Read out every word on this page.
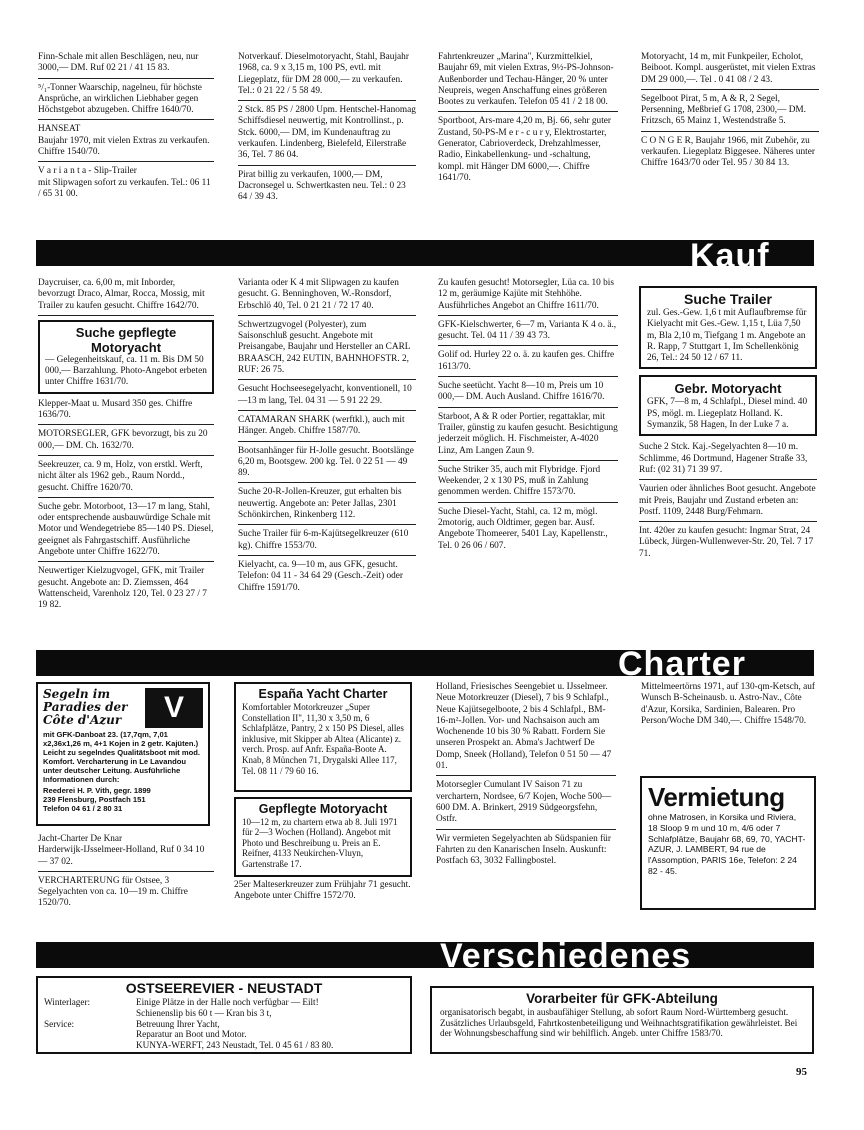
Finn-Schale mit allen Beschlägen, neu, nur 3000,— DM. Ruf 02 21 / 41 15 83.

⁵/₁-Tonner Waarschip, nagelneu, für höchste Ansprüche, an wirklichen Liebhaber gegen Höchstgebot abzugeben. Chiffre 1640/70.

HANSEAT
Baujahr 1970, mit vielen Extras zu verkaufen. Chiffre 1540/70.

V a r i a n t a - Slip-Trailer
mit Slipwagen sofort zu verkaufen. Tel.: 06 11 / 65 31 00.

Notverkauf. Dieselmotoryacht, Stahl, Baujahr 1968, ca. 9 x 3,15 m, 100 PS, evtl. mit Liegeplatz, für DM 28 000,— zu verkaufen. Tel.: 0 21 22 / 5 58 49.

2 Stck. 85 PS / 2800 Upm. Hentschel-Hanomag Schiffsdiesel neuwertig, mit Kontrollinst., p. Stck. 6000,— DM, im Kundenauftrag zu verkaufen. Lindenberg, Bielefeld, Eilerstraße 36, Tel. 7 86 04.

Pirat billig zu verkaufen, 1000,— DM, Dacronsegel u. Schwertkasten neu. Tel.: 0 23 64 / 39 43.

Fahrtenkreuzer „Marina", Kurzmittelkiel, Baujahr 69, mit vielen Extras, 9½-PS-Johnson-Außenborder und Techau-Hänger, 20 % unter Neupreis, wegen Anschaffung eines größeren Bootes zu verkaufen. Telefon 05 41 / 2 18 00.

Sportboot, Ars-mare 4,20 m, Bj. 66, sehr guter Zustand, 50-PS-M e r - c u r y, Elektrostarter, Generator, Cabrioverdeck, Drehzahlmesser, Radio, Einkabellenkung- und -schaltung, kompl. mit Hänger DM 6000,—. Chiffre 1641/70.

Motoryacht, 14 m, mit Funkpeiler, Echolot, Beiboot. Kompl. ausgerüstet, mit vielen Extras DM 29 000,—. Tel . 0 41 08 / 2 43.

Segelboot Pirat, 5 m, A & R, 2 Segel, Persenning, Meßbrief G 1708, 2300,— DM. Fritzsch, 65 Mainz 1, Westendstraße 5.

C O N G E R, Baujahr 1966, mit Zubehör, zu verkaufen. Liegeplatz Biggesee. Näheres unter Chiffre 1643/70 oder Tel. 95 / 30 84 13.

Kauf

Daycruiser, ca. 6,00 m, mit Inborder, bevorzugt Draco, Almar, Rocca, Mossig, mit Trailer zu kaufen gesucht. Chiffre 1642/70.

Suche gepflegte Motoryacht

— Gelegenheitskauf, ca. 11 m. Bis DM 50 000,— Barzahlung. Photo-Angebot erbeten unter Chiffre 1631/70.

Klepper-Maat u. Musard 350 ges. Chiffre 1636/70.

MOTORSEGLER, GFK bevorzugt, bis zu 20 000,— DM. Ch. 1632/70.

Seekreuzer, ca. 9 m, Holz, von erstkl. Werft, nicht älter als 1962 geb., Raum Nordd., gesucht. Chiffre 1620/70.

Suche gebr. Motorboot, 13—17 m lang, Stahl, oder entsprechende ausbauwürdige Schale mit Motor und Wendegetriebe 85—140 PS. Diesel, geeignet als Fahrgastschiff. Ausführliche Angebote unter Chiffre 1622/70.

Neuwertiger Kielzugvogel, GFK, mit Trailer gesucht. Angebote an: D. Ziemssen, 464 Wattenscheid, Varenholz 120, Tel. 0 23 27 / 7 19 82.

Varianta oder K 4 mit Slipwagen zu kaufen gesucht. G. Benninghoven, W.-Ronsdorf, Erbschlö 40, Tel. 0 21 21 / 72 17 40.

Schwertzugvogel (Polyester), zum Saisonschluß gesucht. Angebote mit Preisangabe, Baujahr und Hersteller an CARL BRAASCH, 242 EUTIN, BAHNHOFSTR. 2, RUF: 26 75.

Gesucht Hochseesegelyacht, konventionell, 10—13 m lang, Tel. 04 31 — 5 91 22 29.

CATAMARAN SHARK (werftkl.), auch mit Hänger. Angeb. Chiffre 1587/70.

Bootsanhänger für H-Jolle gesucht. Bootslänge 6,20 m, Bootsgew. 200 kg. Tel. 0 22 51 — 49 89.

Suche 20-R-Jollen-Kreuzer, gut erhalten bis neuwertig. Angebote an: Peter Jallas, 2301 Schönkirchen, Rinkenberg 112.

Suche Trailer für 6-m-Kajütsegelkreuzer (610 kg). Chiffre 1553/70.

Kielyacht, ca. 9—10 m, aus GFK, gesucht. Telefon: 04 11 - 34 64 29 (Gesch.-Zeit) oder Chiffre 1591/70.

Zu kaufen gesucht! Motorsegler, Lüa ca. 10 bis 12 m, geräumige Kajüte mit Stehhöhe. Ausführliches Angebot an Chiffre 1611/70.

GFK-Kielschwerter, 6—7 m, Varianta K 4 o. ä., gesucht. Tel. 04 11 / 39 43 73.

Golif od. Hurley 22 o. ä. zu kaufen ges. Chiffre 1613/70.

Suche seetücht. Yacht 8—10 m, Preis um 10 000,— DM. Auch Ausland. Chiffre 1616/70.

Starboot, A & R oder Portier, regattaklar, mit Trailer, günstig zu kaufen gesucht. Besichtigung jederzeit möglich. H. Fischmeister, A-4020 Linz, Am Langen Zaun 9.

Suche Striker 35, auch mit Flybridge. Fjord Weekender, 2 x 130 PS, muß in Zahlung genommen werden. Chiffre 1573/70.

Suche Diesel-Yacht, Stahl, ca. 12 m, mögl. 2motorig, auch Oldtimer, gegen bar. Ausf. Angebote Thomeerer, 5401 Lay, Kapellenstr., Tel. 0 26 06 / 607.

Suche Trailer

zul. Ges.-Gew. 1,6 t mit Auflaufbremse für Kielyacht mit Ges.-Gew. 1,15 t, Lüa 7,50 m, Bla 2,10 m, Tiefgang 1 m. Angebote an R. Rapp, 7 Stuttgart 1, Im Schellenkönig 26, Tel.: 24 50 12 / 67 11.

Gebr. Motoryacht

GFK, 7—8 m, 4 Schlafpl., Diesel mind. 40 PS, mögl. m. Liegeplatz Holland. K. Symanzik, 58 Hagen, In der Luke 7 a.

Suche 2 Stck. Kaj.-Segelyachten 8—10 m. Schlimme, 46 Dortmund, Hagener Straße 33, Ruf: (02 31) 71 39 97.

Vaurien oder ähnliches Boot gesucht. Angebote mit Preis, Baujahr und Zustand erbeten an: Postf. 1109, 2448 Burg/Fehmarn.

Int. 420er zu kaufen gesucht: Ingmar Strat, 24 Lübeck, Jürgen-Wullenwever-Str. 20, Tel. 7 17 71.

Charter
Segeln im Paradies der Côte d'Azur	V

mit GFK-Danboat 23. (17,7qm, 7,01 x2,36x1,26 m, 4+1 Kojen in 2 getr. Kajüten.) Leicht zu segelndes Qualitätsboot mit mod. Komfort. Vercharterung in Le Lavandou unter deutscher Leitung. Ausführliche Informationen durch:

Reederei H. P. Vith, gegr. 1899
239 Flensburg, Postfach 151
Telefon 04 61 / 2 80 31

Jacht-Charter De Knar
Harderwijk-IJsselmeer-Holland, Ruf 0 34 10 — 37 02.

VERCHARTERUNG für Ostsee, 3 Segelyachten von ca. 10—19 m. Chiffre 1520/70.

España Yacht Charter

Komfortabler Motorkreuzer „Super Constellation II", 11,30 x 3,50 m, 6 Schlafplätze, Pantry, 2 x 150 PS Diesel, alles inklusive, mit Skipper ab Altea (Alicante) z. verch. Prosp. auf Anfr. España-Boote A. Knab, 8 München 71, Drygalski Allee 117, Tel. 08 11 / 79 60 16.

Gepflegte Motoryacht

10—12 m, zu chartern etwa ab 8. Juli 1971 für 2—3 Wochen (Holland). Angebot mit Photo und Beschreibung u. Preis an E. Reifner, 4133 Neukirchen-Vluyn, Gartenstraße 17.

25er Malteserkreuzer zum Frühjahr 71 gesucht. Angebote unter Chiffre 1572/70.

Holland, Friesisches Seengebiet u. IJsselmeer. Neue Motorkreuzer (Diesel), 7 bis 9 Schlafpl., Neue Kajütsegelboote, 2 bis 4 Schlafpl., BM-16-m²-Jollen. Vor- und Nachsaison auch am Wochenende 10 bis 30 % Rabatt. Fordern Sie unseren Prospekt an. Abma's Jachtwerf De Domp, Sneek (Holland), Telefon 0 51 50 — 47 01.

Motorsegler Cumulant IV Saison 71 zu verchartern, Nordsee, 6/7 Kojen, Woche 500—600 DM. A. Brinkert, 2919 Südgeorgsfehn, Ostfr.

Wir vermieten Segelyachten ab Südspanien für Fahrten zu den Kanarischen Inseln. Auskunft: Postfach 63, 3032 Fallingbostel.

Mittelmeertörns 1971, auf 130-qm-Ketsch, auf Wunsch B-Scheinausb. u. Astro-Nav., Côte d'Azur, Korsika, Sardinien, Balearen. Pro Person/Woche DM 340,—. Chiffre 1548/70.

Vermietung

ohne Matrosen, in Korsika und Riviera, 18 Sloop 9 m und 10 m, 4/6 oder 7 Schlafplätze, Baujahr 68, 69, 70, YACHT-AZUR, J. LAMBERT, 94 rue de l'Assomption, PARIS 16e, Telefon: 2 24 82 - 45.

Verschiedenes
OSTSEEREVIER - NEUSTADT
Winterlager:	Einige Plätze in der Halle noch verfügbar — Eilt!
Schienenslip bis 60 t — Kran bis 3 t,
Service:	Betreuung Ihrer Yacht,
Reparatur an Boot und Motor.
KUNYA-WERFT, 243 Neustadt, Tel. 0 45 61 / 83 80.
Vorarbeiter für GFK-Abteilung

organisatorisch begabt, in ausbaufähiger Stellung, ab sofort Raum Nord-Württemberg gesucht. Zusätzliches Urlaubsgeld, Fahrtkostenbeteiligung und Weihnachtsgratifikation gewährleistet. Bei der Wohnungsbeschaffung sind wir behilflich. Angeb. unter Chiffre 1583/70.

95
